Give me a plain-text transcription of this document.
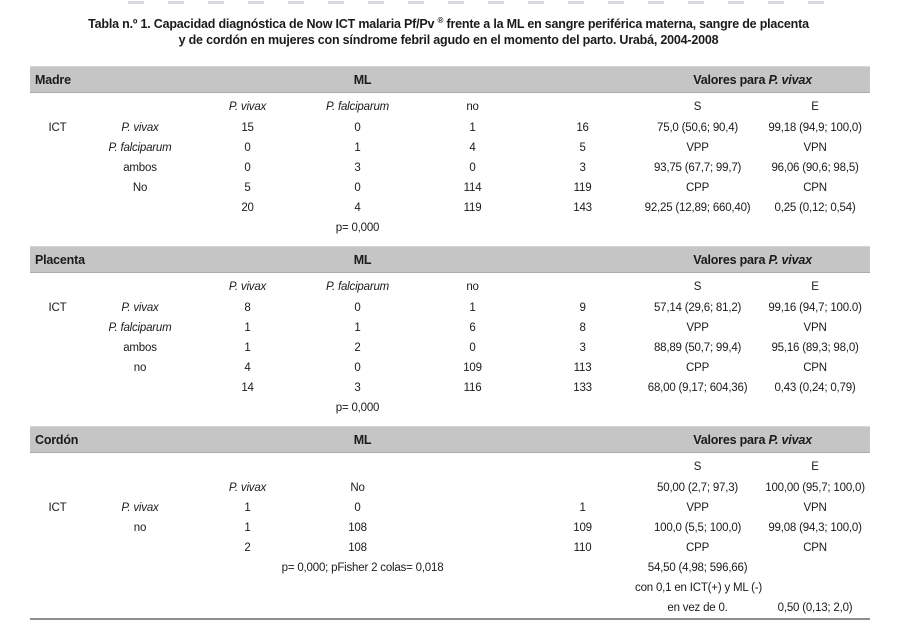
Tabla n.º 1. Capacidad diagnóstica de Now ICT malaria Pf/Pv ® frente a la ML en sangre periférica materna, sangre de placenta
y de cordón en mujeres con síndrome febril agudo en el momento del parto. Urabá, 2004-2008
Madre		ML				Valores para P. vivax	
		P. vivax	P. falciparum	no		S	E
ICT	P. vivax	15	0	1	16	75,0 (50,6; 90,4)	99,18 (94,9; 100,0)
	P. falciparum	0	1	4	5	VPP	VPN
	ambos	0	3	0	3	93,75 (67,7; 99,7)	96,06 (90,6; 98,5)
	No	5	0	114	119	CPP	CPN
		20	4	119	143	92,25 (12,89; 660,40)	0,25 (0,12; 0,54)
			p= 0,000				

Placenta		ML				Valores para P. vivax	
		P. vivax	P. falciparum	no		S	E
ICT	P. vivax	8	0	1	9	57,14 (29,6; 81,2)	99,16 (94,7; 100.0)
	P. falciparum	1	1	6	8	VPP	VPN
	ambos	1	2	0	3	88,89 (50,7; 99,4)	95,16 (89,3; 98,0)
	no	4	0	109	113	CPP	CPN
		14	3	116	133	68,00 (9,17; 604,36)	0,43 (0,24; 0,79)
			p= 0,000				

Cordón		ML				Valores para P. vivax	
						S	E
		P. vivax	No			50,00 (2,7; 97,3)	100,00 (95,7; 100,0)
ICT	P. vivax	1	0		1	VPP	VPN
	no	1	108		109	100,0 (5,5; 100,0)	99,08 (94,3; 100,0)
		2	108		110	CPP	CPN
		p= 0,000; pFisher 2 colas= 0,018				54,50 (4,98; 596,66)	
						con 0,1 en ICT(+) y ML (-)	
						en vez de 0.	0,50 (0,13; 2,0)
